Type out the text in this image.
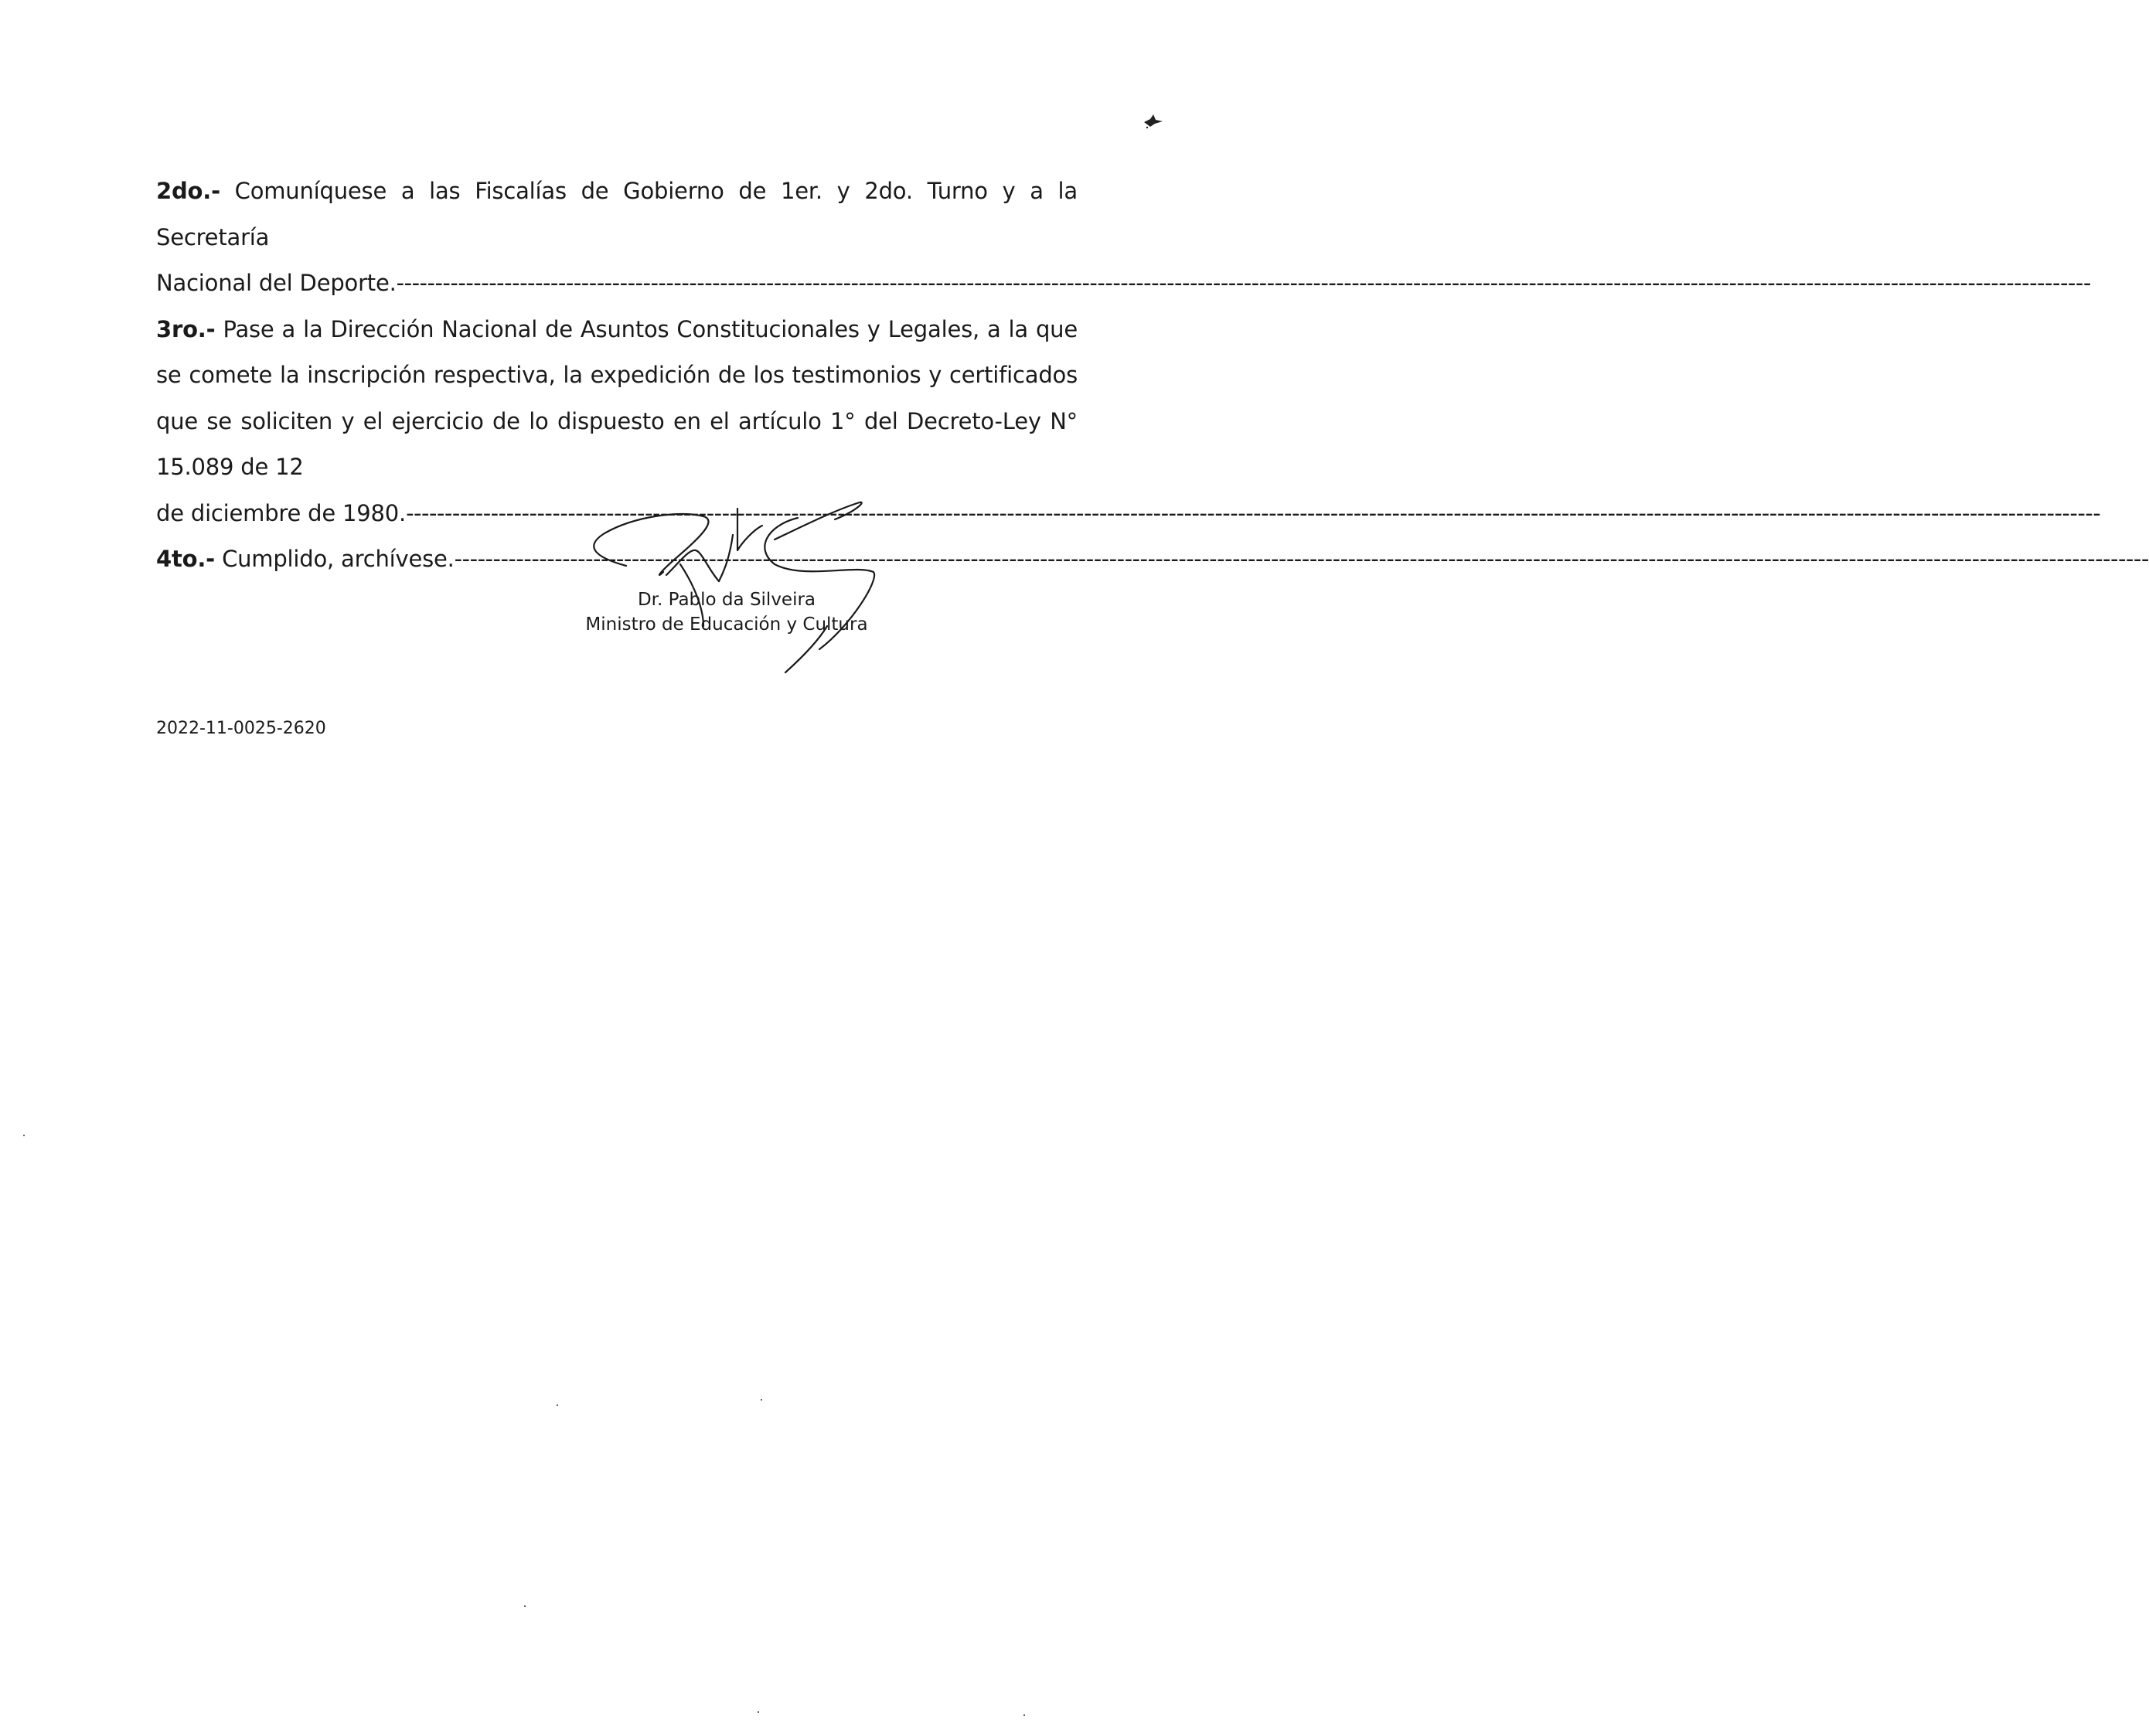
2do.- Comuníquese a las Fiscalías de Gobierno de 1er. y 2do. Turno y a la Secretaría

Nacional del Deporte.----------------------------------------------------------------------------------------------------------------------------------------------------------------------------------------------------------------------------

3ro.- Pase a la Dirección Nacional de Asuntos Constitucionales y Legales, a la que se comete la inscripción respectiva, la expedición de los testimonios y certificados que se soliciten y el ejercicio de lo dispuesto en el artículo 1° del Decreto-Ley N° 15.089 de 12

de diciembre de 1980.----------------------------------------------------------------------------------------------------------------------------------------------------------------------------------------------------------------------------
4to.- Cumplido, archívese.----------------------------------------------------------------------------------------------------------------------------------------------------------------------------------------------------------------------------
Dr. Pablo da Silveira
Ministro de Educación y Cultura
2022-11-0025-2620
